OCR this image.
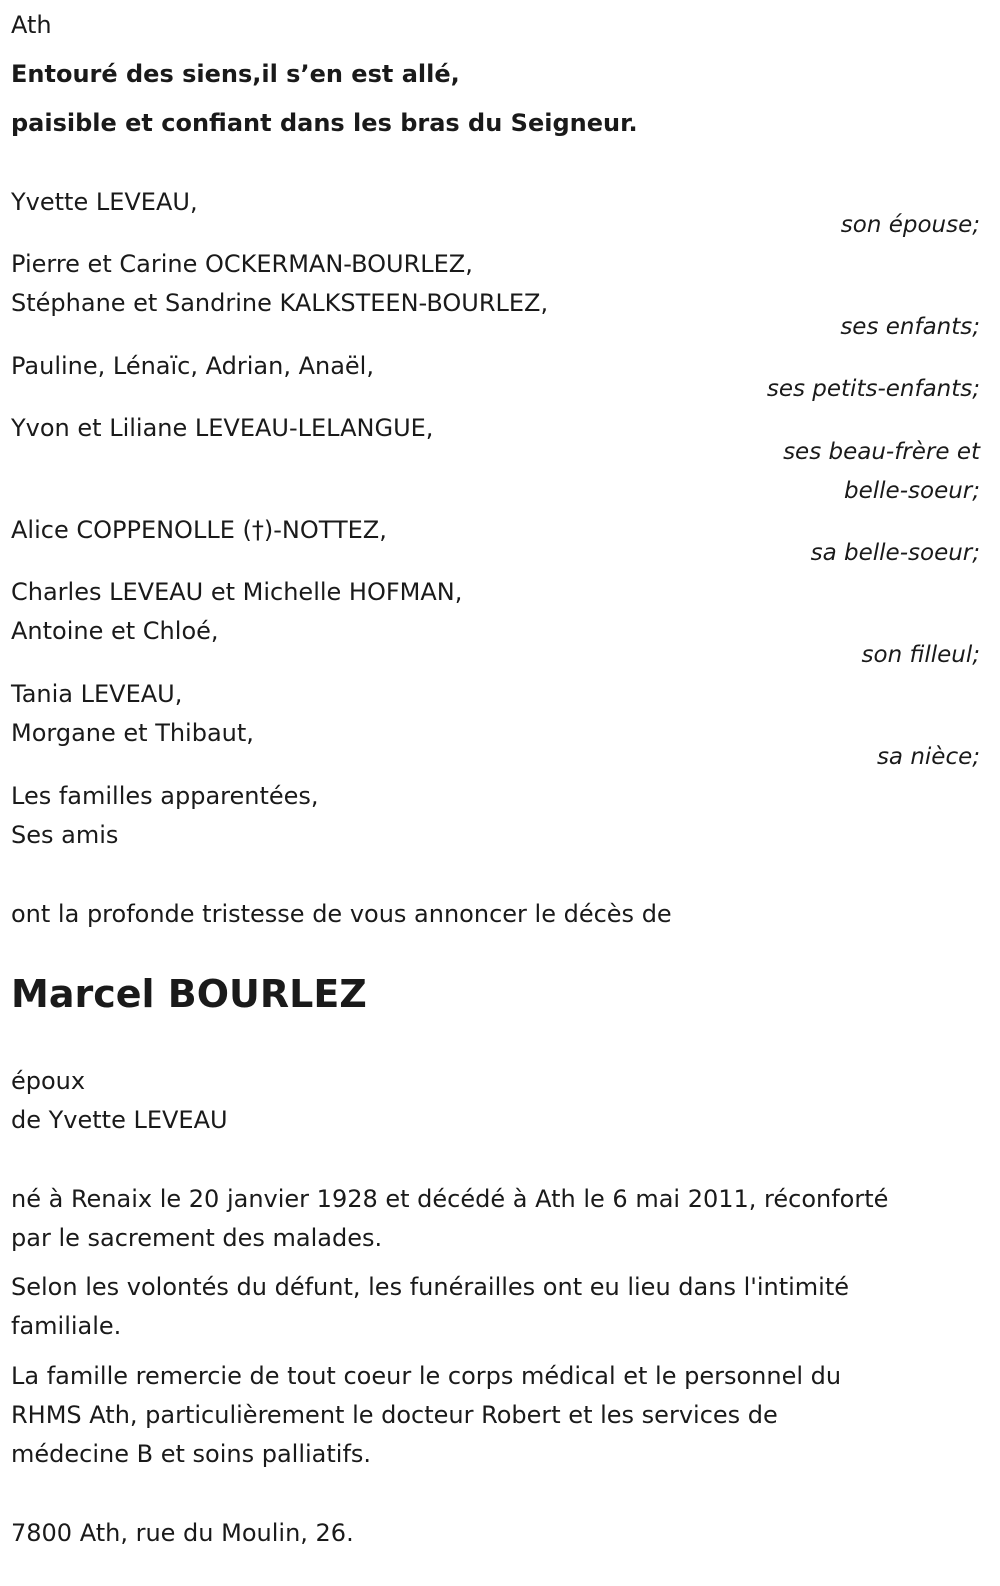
Ath
Entouré des siens,il s’en est allé,
paisible et confiant dans les bras du Seigneur.
Yvette LEVEAU,
son épouse;
Pierre et Carine OCKERMAN-BOURLEZ,
Stéphane et Sandrine KALKSTEEN-BOURLEZ,
ses enfants;
Pauline, Lénaïc, Adrian, Anaël,
ses petits-enfants;
Yvon et Liliane LEVEAU-LELANGUE,
ses beau-frère et
belle-soeur;
Alice COPPENOLLE (†)-NOTTEZ,
sa belle-soeur;
Charles LEVEAU et Michelle HOFMAN,
Antoine et Chloé,
son filleul;
Tania LEVEAU,
Morgane et Thibaut,
sa nièce;
Les familles apparentées,
Ses amis
ont la profonde tristesse de vous annoncer le décès de
Marcel BOURLEZ
époux
de Yvette LEVEAU
né à Renaix le 20 janvier 1928 et décédé à Ath le 6 mai 2011, réconforté
par le sacrement des malades.
Selon les volontés du défunt, les funérailles ont eu lieu dans l'intimité
familiale.
La famille remercie de tout coeur le corps médical et le personnel du
RHMS Ath, particulièrement le docteur Robert et les services de
médecine B et soins palliatifs.
7800 Ath, rue du Moulin, 26.
